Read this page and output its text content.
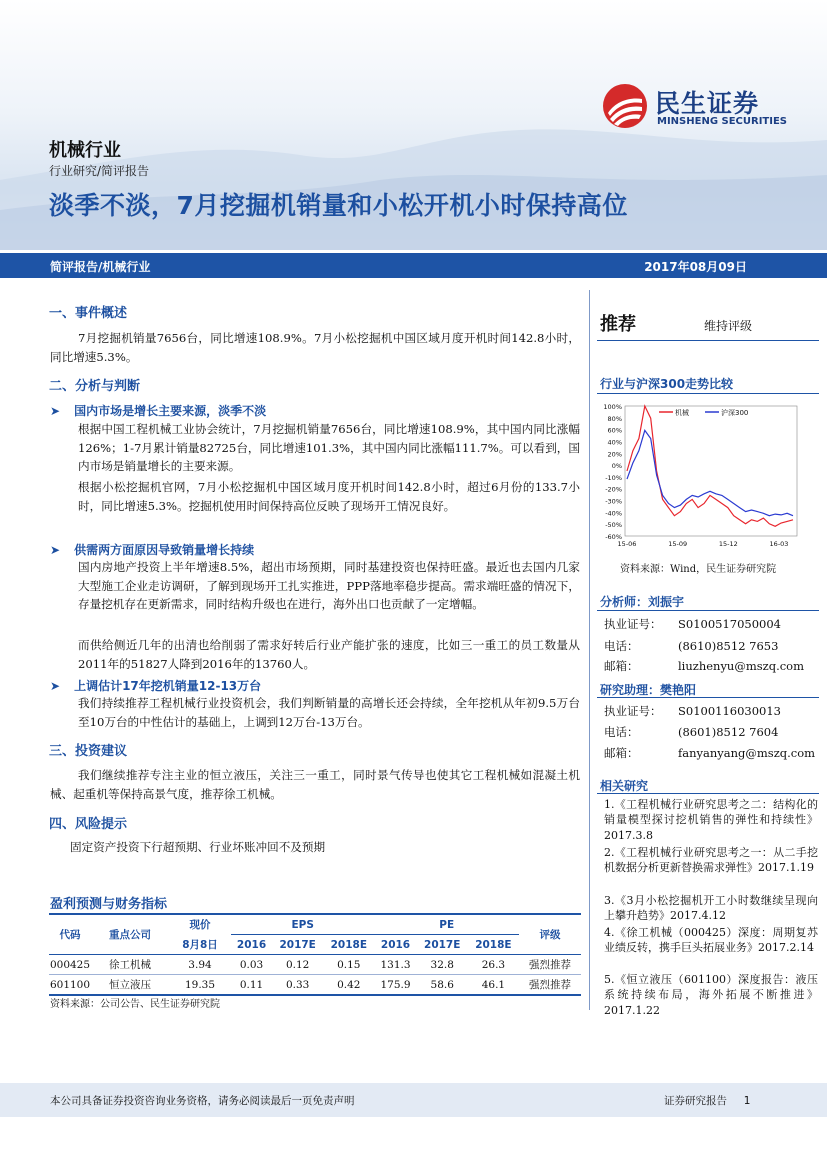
民生证券
MINSHENG SECURITIES
机械行业
行业研究/简评报告
淡季不淡，7月挖掘机销量和小松开机小时保持高位
简评报告/机械行业	2017年08月09日
一、事件概述
7月挖掘机销量7656台，同比增速108.9%。7月小松挖掘机中国区域月度开机时间142.8小时，同比增速5.3%。
二、分析与判断
➤ 国内市场是增长主要来源，淡季不淡
根据中国工程机械工业协会统计，7月挖掘机销量7656台，同比增速108.9%，其中国内同比涨幅126%；1-7月累计销量82725台，同比增速101.3%，其中国内同比涨幅111.7%。可以看到，国内市场是销量增长的主要来源。
根据小松挖掘机官网，7月小松挖掘机中国区域月度开机时间142.8小时，超过6月份的133.7小时，同比增速5.3%。挖掘机使用时间保持高位反映了现场开工情况良好。
➤ 供需两方面原因导致销量增长持续
国内房地产投资上半年增速8.5%，超出市场预期，同时基建投资也保持旺盛。最近也去国内几家大型施工企业走访调研，了解到现场开工扎实推进，PPP落地率稳步提高。需求端旺盛的情况下，存量挖机存在更新需求，同时结构升级也在进行，海外出口也贡献了一定增幅。
而供给侧近几年的出清也给削弱了需求好转后行业产能扩张的速度，比如三一重工的员工数量从2011年的51827人降到2016年的13760人。
➤ 上调估计17年挖机销量12-13万台
我们持续推荐工程机械行业投资机会，我们判断销量的高增长还会持续，全年挖机从年初9.5万台至10万台的中性估计的基础上，上调到12万台-13万台。
三、投资建议
我们继续推荐专注主业的恒立液压，关注三一重工，同时景气传导也使其它工程机械如混凝土机械、起重机等保持高景气度，推荐徐工机械。
四、风险提示
固定资产投资下行超预期、行业坏账冲回不及预期
盈利预测与财务指标
代码	重点公司	现价	EPS			PE			评级
		8月8日	2016	2017E	2018E	2016	2017E	2018E	
000425	徐工机械	3.94	0.03	0.12	0.15	131.3	32.8	26.3	强烈推荐
601100	恒立液压	19.35	0.11	0.33	0.42	175.9	58.6	46.1	强烈推荐
资料来源：公司公告、民生证券研究院
推荐	维持评级
行业与沪深300走势比较
100%
80%
60%
40%
20%
0%
-10%
-20%
-30%
-40%
-50%
-60%
15-06	15-09	15-12	16-03
机械	沪深300
资料来源：Wind，民生证券研究院
分析师：刘振宇
执业证号： S0100517050004
电话：	(8610)8512 7653
邮箱：	liuzhenyu@mszq.com
研究助理：樊艳阳
执业证号： S0100116030013
电话：	(8601)8512 7604
邮箱：	fanyanyang@mszq.com
相关研究
1.《工程机械行业研究思考之二：结构化的销量模型探讨挖机销售的弹性和持续性》2017.3.8
2.《工程机械行业研究思考之一：从二手挖机数据分析更新替换需求弹性》2017.1.19
3.《3月小松挖掘机开工小时数继续呈现向上攀升趋势》2017.4.12
4.《徐工机械（000425）深度：周期复苏业绩反转，携手巨头拓展业务》2017.2.14
5.《恒立液压（601100）深度报告：液压系统持续布局，海外拓展不断推进》2017.1.22
本公司具备证券投资咨询业务资格，请务必阅读最后一页免责声明	证券研究报告 1
